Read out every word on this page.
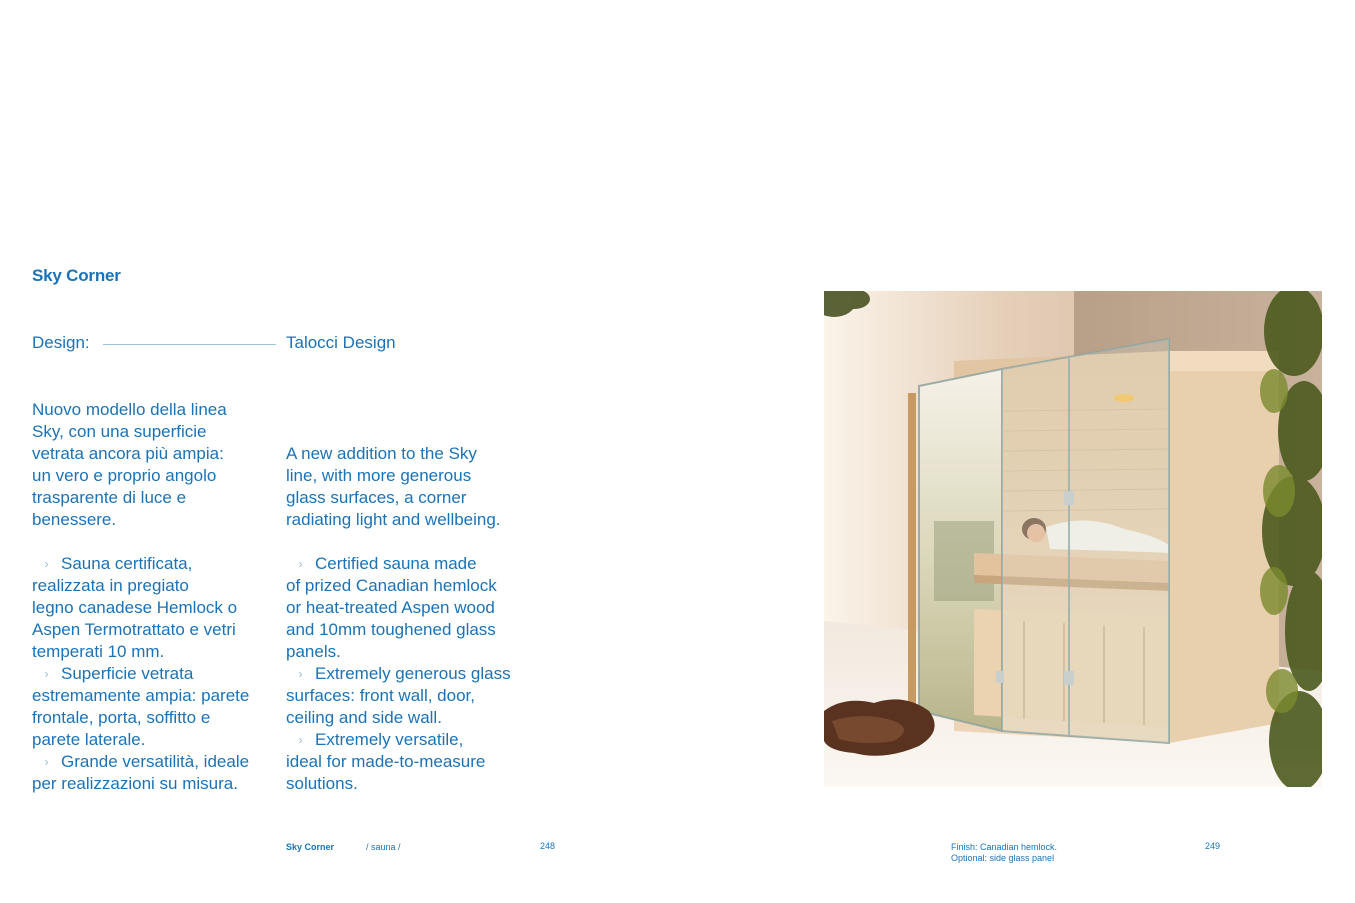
Sky Corner
Design:	Talocci Design

Nuovo modello della linea
Sky, con una superficie
vetrata ancora più ampia:
un vero e proprio angolo
trasparente di luce e
benessere.

› Sauna certificata,
realizzata in pregiato
legno canadese Hemlock o
Aspen Termotrattato e vetri
temperati 10 mm.

› Superficie vetrata
estremamente ampia: parete
frontale, porta, soffitto e
parete laterale.

› Grande versatilità, ideale
per realizzazioni su misura.

A new addition to the Sky
line, with more generous
glass surfaces, a corner
radiating light and wellbeing.

› Certified sauna made
of prized Canadian hemlock
or heat-treated Aspen wood
and 10mm toughened glass
panels.

› Extremely generous glass
surfaces: front wall, door,
ceiling and side wall.

› Extremely versatile,
ideal for made-to-measure
solutions.

Sky Corner	/ sauna /	248	Finish: Canadian hemlock.
Optional: side glass panel
249
